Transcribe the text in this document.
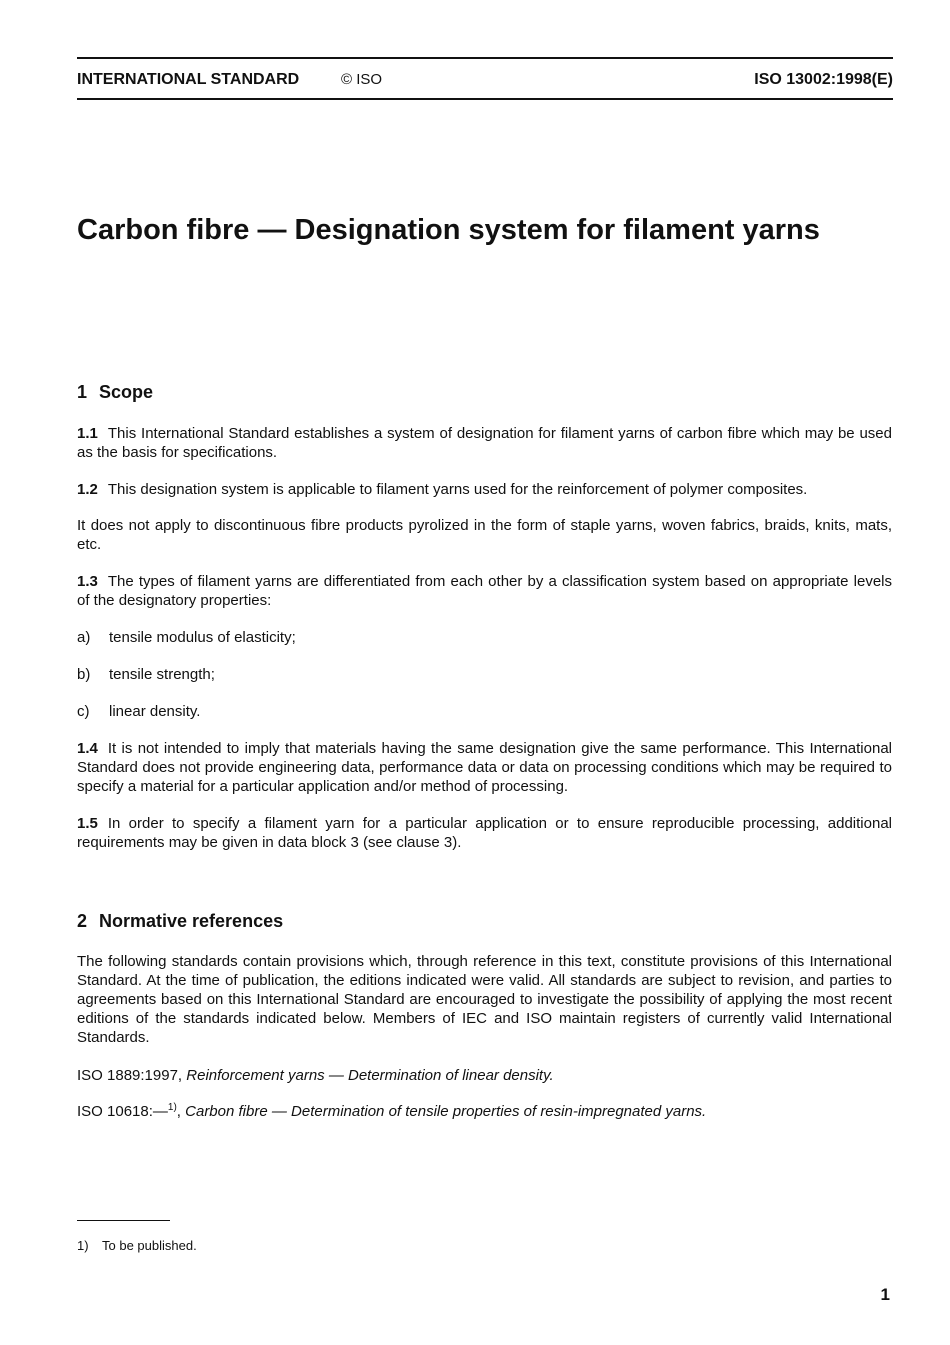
INTERNATIONAL STANDARD	© ISO	ISO 13002:1998(E)
Carbon fibre — Designation system for filament yarns
1 Scope

1.1 This International Standard establishes a system of designation for filament yarns of carbon fibre which may be used as the basis for specifications.

1.2 This designation system is applicable to filament yarns used for the reinforcement of polymer composites.

It does not apply to discontinuous fibre products pyrolized in the form of staple yarns, woven fabrics, braids, knits, mats, etc.

1.3 The types of filament yarns are differentiated from each other by a classification system based on appropriate levels of the designatory properties:

a) tensile modulus of elasticity;

b) tensile strength;

c) linear density.

1.4 It is not intended to imply that materials having the same designation give the same performance. This International Standard does not provide engineering data, performance data or data on processing conditions which may be required to specify a material for a particular application and/or method of processing.

1.5 In order to specify a filament yarn for a particular application or to ensure reproducible processing, additional requirements may be given in data block 3 (see clause 3).

2 Normative references

The following standards contain provisions which, through reference in this text, constitute provisions of this International Standard. At the time of publication, the editions indicated were valid. All standards are subject to revision, and parties to agreements based on this International Standard are encouraged to investigate the possibility of applying the most recent editions of the standards indicated below. Members of IEC and ISO maintain registers of currently valid International Standards.

ISO 1889:1997, Reinforcement yarns — Determination of linear density.

ISO 10618:—$^{1)}$, Carbon fibre — Determination of tensile properties of resin-impregnated yarns.

1) To be published.
1
